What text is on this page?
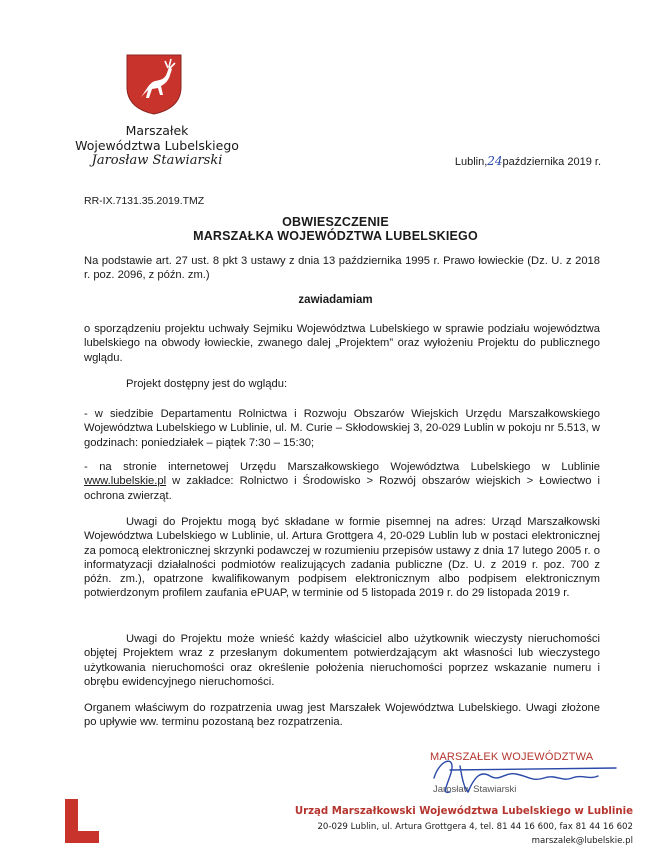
Marszałek
Województwa Lubelskiego
Jarosław Stawiarski	Lublin,24października 2019 r.
RR-IX.7131.35.2019.TMZ
OBWIESZCZENIE
MARSZAŁKA WOJEWÓDZTWA LUBELSKIEGO
Na podstawie art. 27 ust. 8 pkt 3 ustawy z dnia 13 października 1995 r. Prawo łowieckie (Dz. U. z 2018 r. poz. 2096, z późn. zm.)
zawiadamiam
o sporządzeniu projektu uchwały Sejmiku Województwa Lubelskiego w sprawie podziału województwa lubelskiego na obwody łowieckie, zwanego dalej „Projektem” oraz wyłożeniu Projektu do publicznego wglądu.
Projekt dostępny jest do wglądu:
- w siedzibie Departamentu Rolnictwa i Rozwoju Obszarów Wiejskich Urzędu Marszałkowskiego Województwa Lubelskiego w Lublinie, ul. M. Curie – Skłodowskiej 3, 20-029 Lublin w pokoju nr 5.513, w godzinach: poniedziałek – piątek 7:30 – 15:30;
- na stronie internetowej Urzędu Marszałkowskiego Województwa Lubelskiego w Lublinie www.lubelskie.pl w zakładce: Rolnictwo i Środowisko > Rozwój obszarów wiejskich > Łowiectwo i ochrona zwierząt.
Uwagi do Projektu mogą być składane w formie pisemnej na adres: Urząd Marszałkowski Województwa Lubelskiego w Lublinie, ul. Artura Grottgera 4, 20-029 Lublin lub w postaci elektronicznej za pomocą elektronicznej skrzynki podawczej w rozumieniu przepisów ustawy z dnia 17 lutego 2005 r. o informatyzacji działalności podmiotów realizujących zadania publiczne (Dz. U. z 2019 r. poz. 700 z późn. zm.), opatrzone kwalifikowanym podpisem elektronicznym albo podpisem elektronicznym potwierdzonym profilem zaufania ePUAP, w terminie od 5 listopada 2019 r. do 29 listopada 2019 r.
Uwagi do Projektu może wnieść każdy właściciel albo użytkownik wieczysty nieruchomości objętej Projektem wraz z przesłanym dokumentem potwierdzającym akt własności lub wieczystego użytkowania nieruchomości oraz określenie położenia nieruchomości poprzez wskazanie numeru i obrębu ewidencyjnego nieruchomości.
Organem właściwym do rozpatrzenia uwag jest Marszałek Województwa Lubelskiego. Uwagi złożone po upływie ww. terminu pozostaną bez rozpatrzenia.
MARSZAŁEK WOJEWÓDZTWA
Jarosław Stawiarski
Urząd Marszałkowski Województwa Lubelskiego w Lublinie
20-029 Lublin, ul. Artura Grottgera 4, tel. 81 44 16 600, fax 81 44 16 602
marszalek@lubelskie.pl
